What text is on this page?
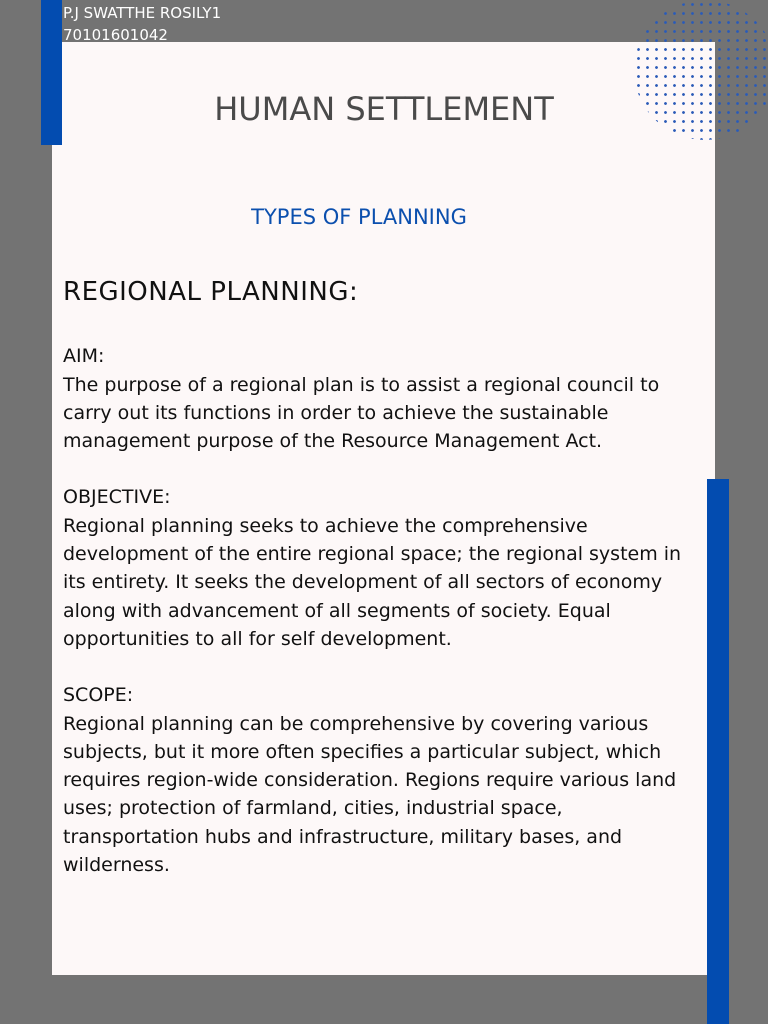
P.J SWATTHE ROSILY1
70101601042
HUMAN SETTLEMENT
TYPES OF PLANNING
REGIONAL PLANNING:
AIM:
The purpose of a regional plan is to assist a regional council to carry out its functions in order to achieve the sustainable management purpose of the Resource Management Act.
OBJECTIVE:
Regional planning seeks to achieve the comprehensive development of the entire regional space; the regional system in its entirety. It seeks the development of all sectors of economy along with advancement of all segments of society. Equal opportunities to all for self development.
SCOPE:
Regional planning can be comprehensive by covering various subjects, but it more often specifies a particular subject, which requires region-wide consideration. Regions require various land uses; protection of farmland, cities, industrial space, transportation hubs and infrastructure, military bases, and wilderness.
